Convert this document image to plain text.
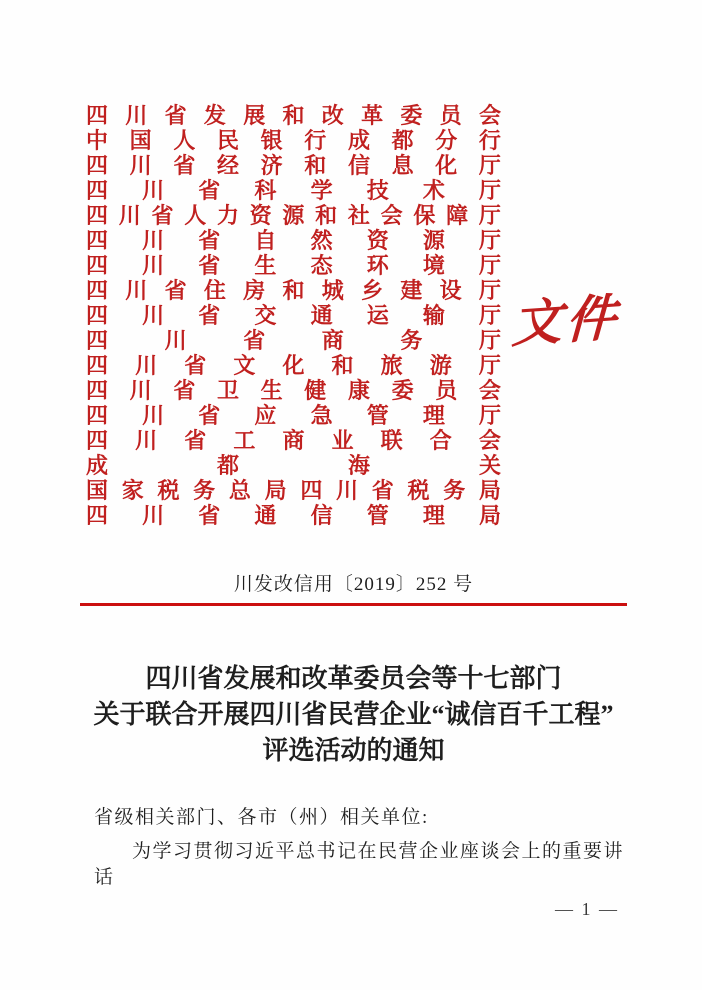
四 川 省 发 展 和 改 革 委 员 会
中 国 人 民 银 行 成 都 分 行
四 川 省 经 济 和 信 息 化 厅
四 川 省 科 学 技 术 厅
四 川 省 人 力 资 源 和 社 会 保 障 厅
四 川 省 自 然 资 源 厅
四 川 省 生 态 环 境 厅
四 川 省 住 房 和 城 乡 建 设 厅
四 川 省 交 通 运 输 厅
四	川	省	商	务	厅
四 川 省 文 化 和 旅 游 厅
四 川 省 卫 生 健 康 委 员 会
四 川 省 应 急 管 理 厅
四 川 省 工 商 业 联 合 会
成	都	海	关
国 家 税 务 总 局 四 川 省 税 务 局
四 川 省 通 信 管 理 局
文件
川发改信用〔2019〕252 号
四川省发展和改革委员会等十七部门
关于联合开展四川省民营企业“诚信百千工程”
评选活动的通知
省级相关部门、各市（州）相关单位:
为学习贯彻习近平总书记在民营企业座谈会上的重要讲话
— 1 —
